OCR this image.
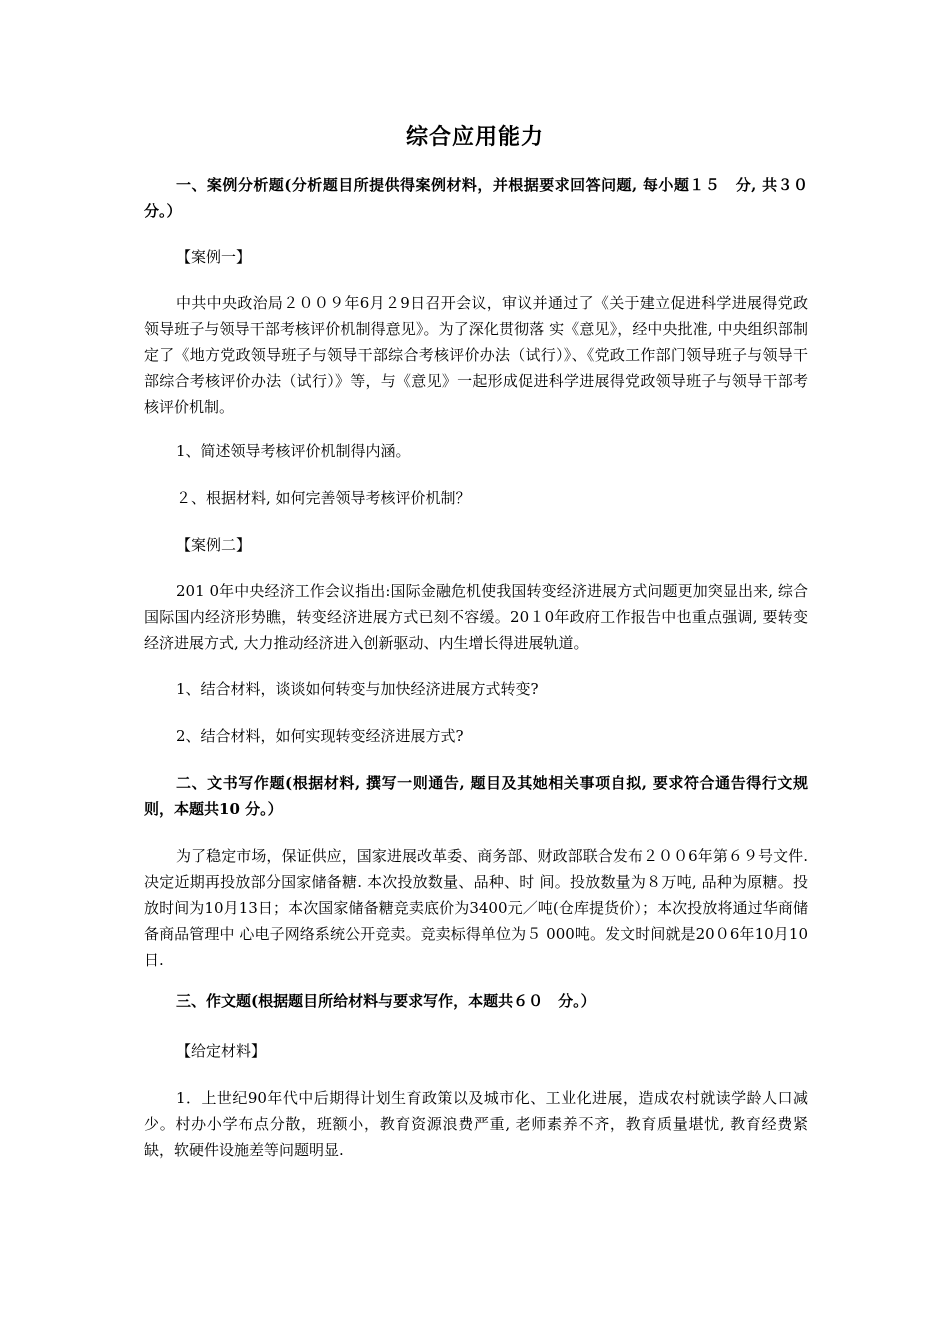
综合应用能力

一、案例分析题(分析题目所提供得案例材料，并根据要求回答问题, 每小题１５　分, 共３０分。）

【案例一】

中共中央政治局２００９年6月２9日召开会议，审议并通过了《关于建立促进科学进展得党政领导班子与领导干部考核评价机制得意见》。为了深化贯彻落 实《意见》，经中央批准, 中央组织部制定了《地方党政领导班子与领导干部综合考核评价办法（试行）》、《党政工作部门领导班子与领导干部综合考核评价办法（试行）》等，与《意见》一起形成促进科学进展得党政领导班子与领导干部考核评价机制。

1、简述领导考核评价机制得内涵。

２、根据材料, 如何完善领导考核评价机制？

【案例二】

201 0年中央经济工作会议指出:国际金融危机使我国转变经济进展方式问题更加突显出来, 综合国际国内经济形势瞧，转变经济进展方式已刻不容缓。20１0年政府工作报告中也重点强调, 要转变经济进展方式, 大力推动经济进入创新驱动、内生增长得进展轨道。

1、结合材料，谈谈如何转变与加快经济进展方式转变?

2、结合材料，如何实现转变经济进展方式?

二、文书写作题(根据材料, 撰写一则通告, 题目及其她相关事项自拟, 要求符合通告得行文规则，本题共10 分。）

为了稳定市场，保证供应，国家进展改革委、商务部、财政部联合发布２００6年第６９号文件. 决定近期再投放部分国家储备糖. 本次投放数量、品种、时 间。投放数量为８万吨, 品种为原糖。投放时间为10月13日；本次国家储备糖竞卖底价为3400元／吨(仓库提货价）；本次投放将通过华商储备商品管理中 心电子网络系统公开竞卖。竞卖标得单位为５ 000吨。发文时间就是20０6年10月10日.

三、作文题(根据题目所给材料与要求写作，本题共６０　分。）

【给定材料】

1．上世纪90年代中后期得计划生育政策以及城市化、工业化进展，造成农村就读学龄人口减少。村办小学布点分散，班额小，教育资源浪费严重, 老师素养不齐，教育质量堪忧, 教育经费紧缺，软硬件设施差等问题明显.
